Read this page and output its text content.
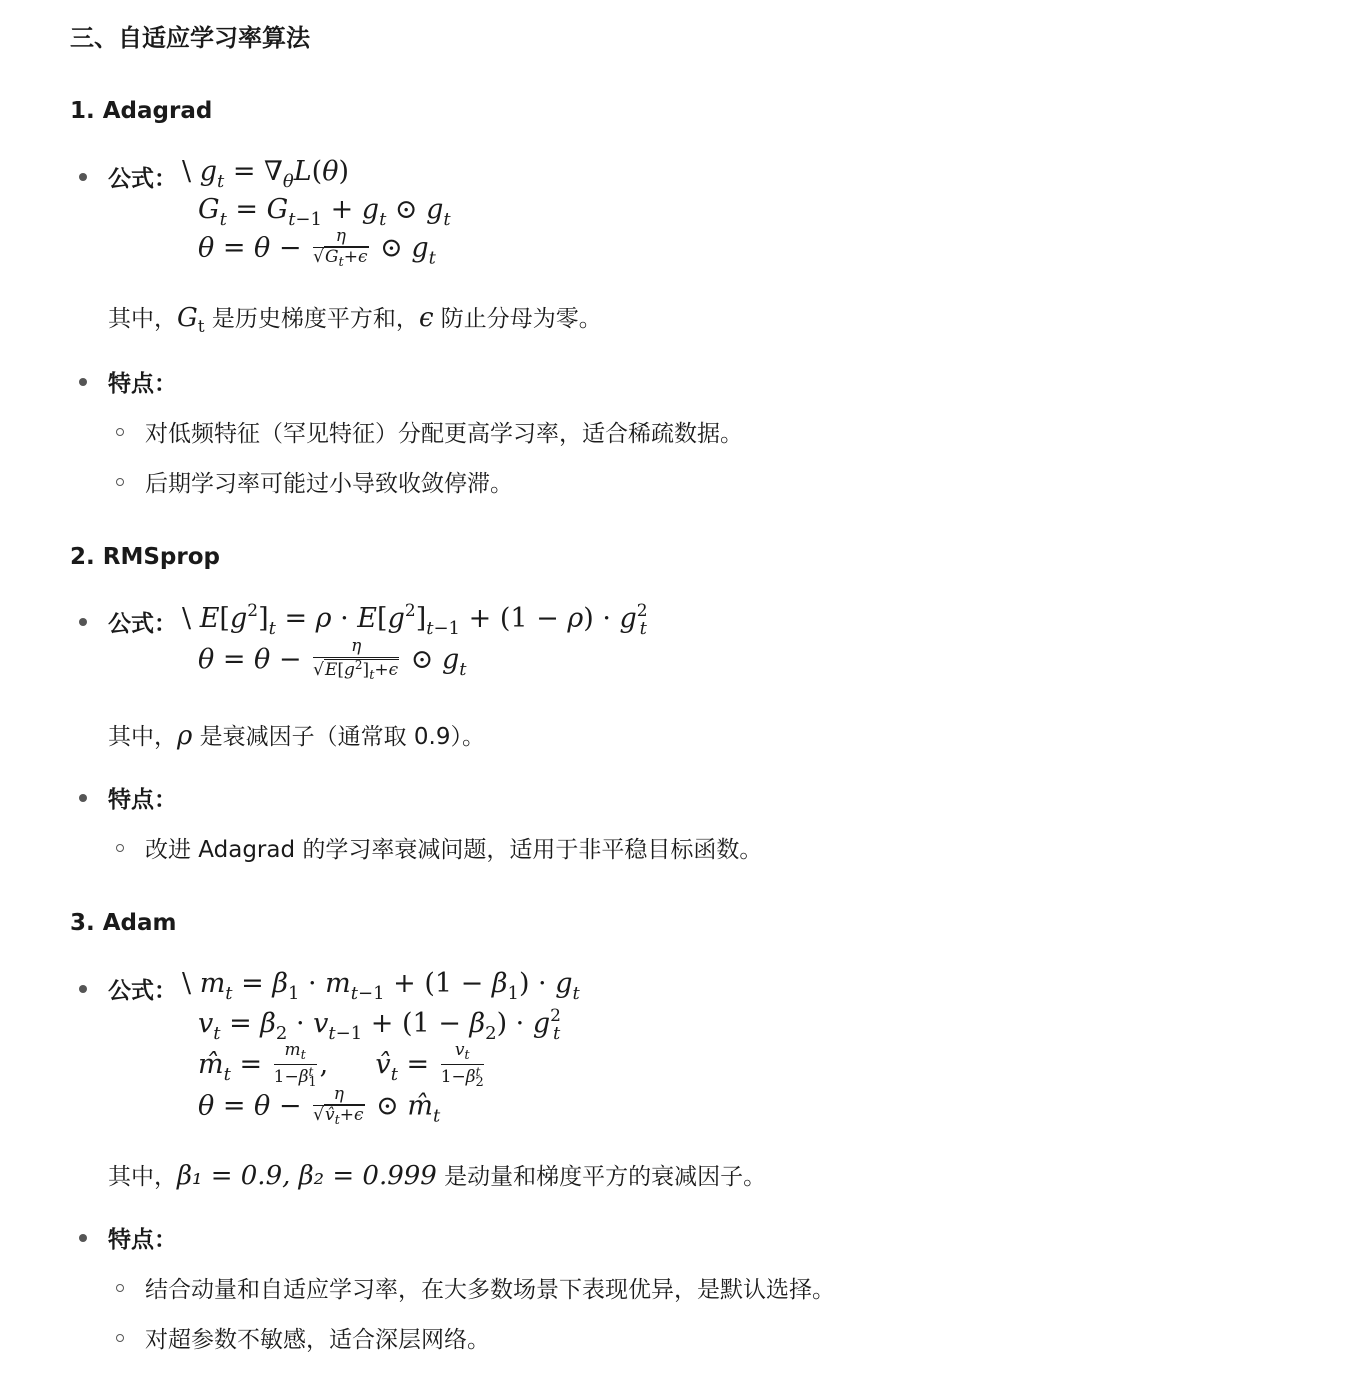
三、自适应学习率算法
1. Adagrad
公式： \ $g_t = \nabla_\theta L(\theta)$
$G_t = G_{t-1} + g_t$ ⊙ $g_t$
$\theta = \theta - \frac{\eta}{√G_t+\epsilon}$ ⊙ $g_t$
其中，$G_t$ 是历史梯度平方和，ϵ 防止分母为零。
特点：
对低频特征（罕见特征）分配更高学习率，适合稀疏数据。
后期学习率可能过小导致收敛停滞。
2. RMSprop
公式： \ $E[g^2]_t = \rho \cdot E[g^2]_{t-1} + (1 - \rho) \cdot g^2_t$
$\theta = \theta - \frac{\eta}{√E[g^2]_t+\epsilon}$ ⊙ $g_t$
其中，ρ 是衰减因子（通常取 0.9）。
特点：
改进 Adagrad 的学习率衰减问题，适用于非平稳目标函数。
3. Adam
公式： \ $m_t = \beta_1 \cdot m_{t-1} + (1 - \beta_1) \cdot g_t$
$v_t = \beta_2 \cdot v_{t-1} + (1 - \beta_2) \cdot g^2_t$
$m̂_t = \frac{m_t}{1-\beta^t_1}$ ,  $v̂_t = \frac{v_t}{1-\beta^t_2}$
$\theta = \theta - \frac{\eta}{√v̂_t+\epsilon}$ ⊙ $m̂_t$
其中，β₁ = 0.9, β₂ = 0.999 是动量和梯度平方的衰减因子。
特点：
结合动量和自适应学习率，在大多数场景下表现优异，是默认选择。
对超参数不敏感，适合深层网络。
